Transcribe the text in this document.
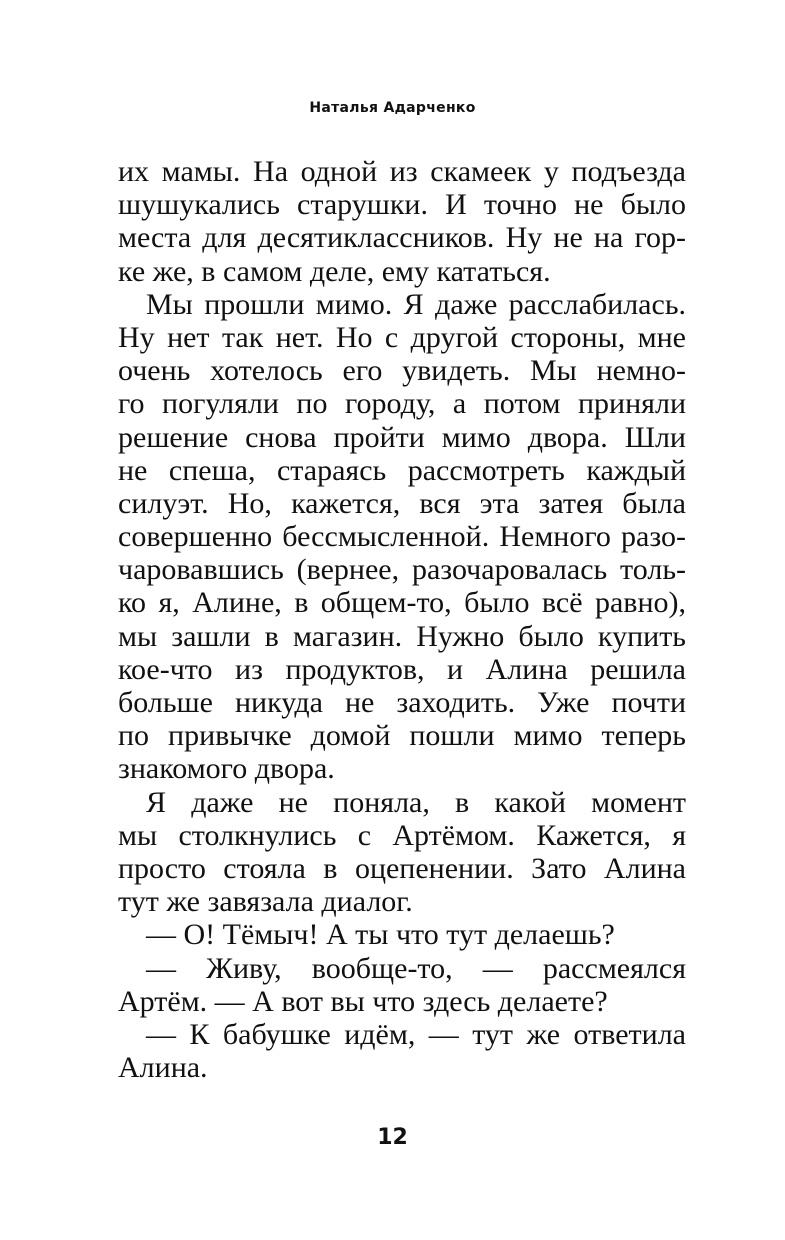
Наталья Адарченко
их мамы. На одной из скамеек у подъезда
шушукались старушки. И точно не было
места для десятиклассников. Ну не на гор-
ке же, в самом деле, ему кататься.
Мы прошли мимо. Я даже расслабилась.
Ну нет так нет. Но с другой стороны, мне
очень хотелось его увидеть. Мы немно-
го погуляли по городу, а потом приняли
решение снова пройти мимо двора. Шли
не спеша, стараясь рассмотреть каждый
силуэт. Но, кажется, вся эта затея была
совершенно бессмысленной. Немного разо-
чаровавшись (вернее, разочаровалась толь-
ко я, Алине, в общем-то, было всё равно),
мы зашли в магазин. Нужно было купить
кое-что из продуктов, и Алина решила
больше никуда не заходить. Уже почти
по привычке домой пошли мимо теперь
знакомого двора.
Я даже не поняла, в какой момент
мы столкнулись с Артёмом. Кажется, я
просто стояла в оцепенении. Зато Алина
тут же завязала диалог.
— О! Тёмыч! А ты что тут делаешь?
— Живу, вообще-то, — рассмеялся
Артём. — А вот вы что здесь делаете?
— К бабушке идём, — тут же ответила
Алина.
12
